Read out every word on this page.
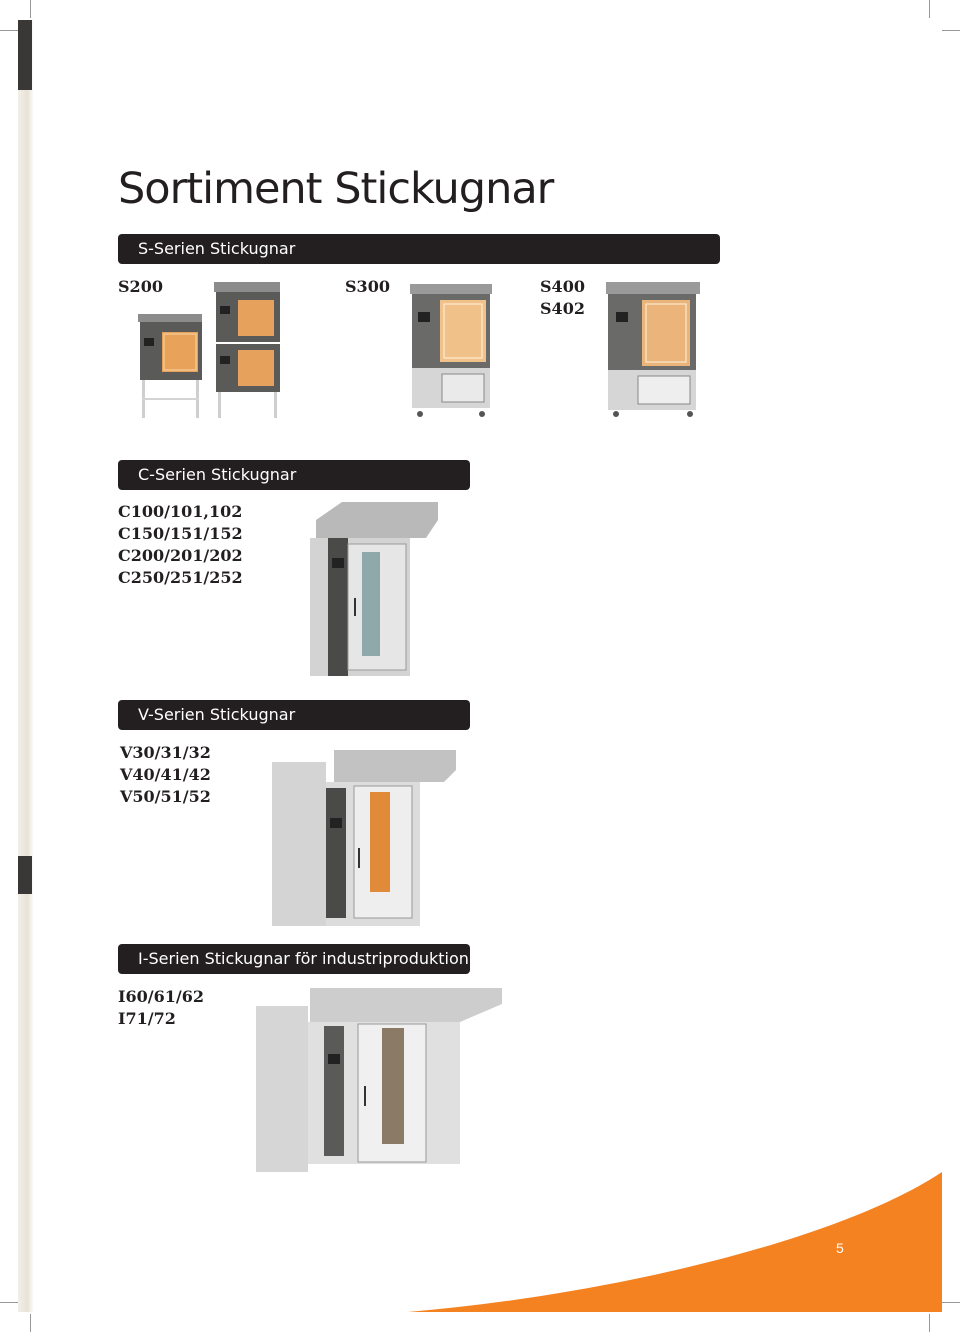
Sortiment Stickugnar
S-Serien Stickugnar
S200	S300	S400
S402
C-Serien Stickugnar
C100/101,102
C150/151/152
C200/201/202
C250/251/252
V-Serien Stickugnar
V30/31/32
V40/41/42
V50/51/52
I-Serien Stickugnar för industriproduktion
I60/61/62
I71/72
5
